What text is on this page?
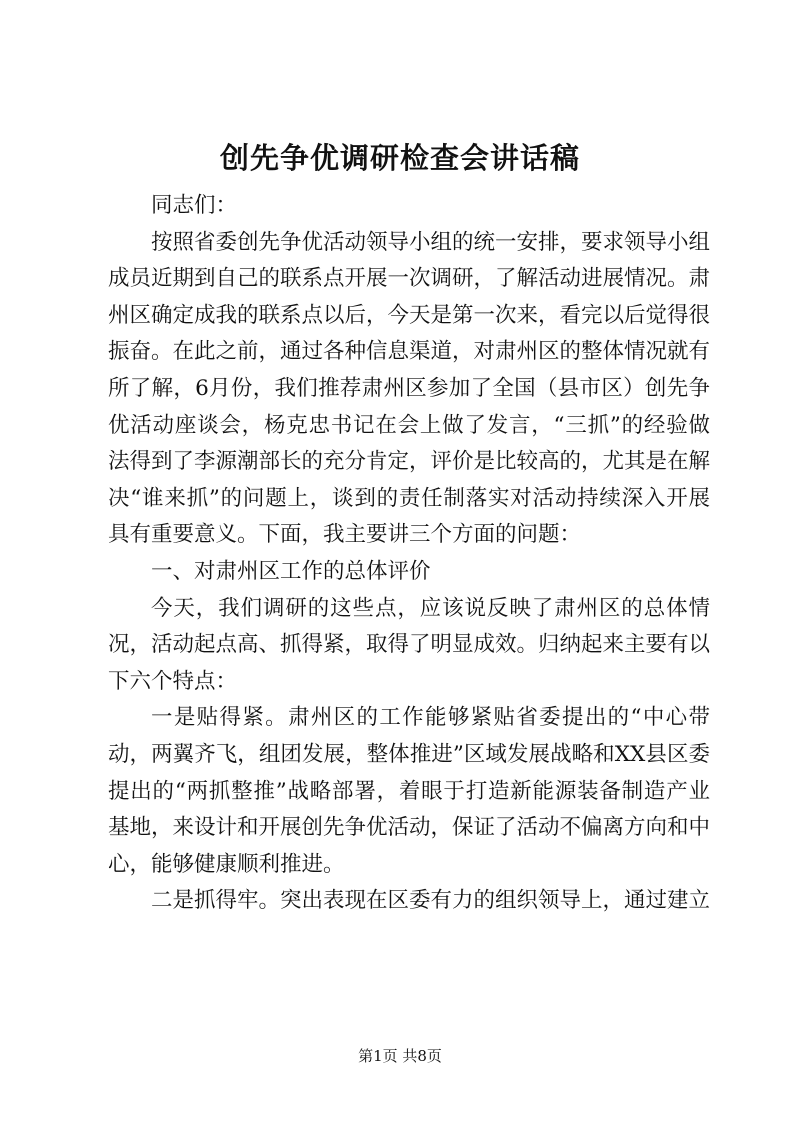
创先争优调研检查会讲话稿

同志们：

按照省委创先争优活动领导小组的统一安排，要求领导小组成员近期到自己的联系点开展一次调研，了解活动进展情况。肃州区确定成我的联系点以后，今天是第一次来，看完以后觉得很振奋。在此之前，通过各种信息渠道，对肃州区的整体情况就有所了解，6月份，我们推荐肃州区参加了全国（县市区）创先争优活动座谈会，杨克忠书记在会上做了发言，“三抓”的经验做法得到了李源潮部长的充分肯定，评价是比较高的，尤其是在解决“谁来抓”的问题上，谈到的责任制落实对活动持续深入开展具有重要意义。下面，我主要讲三个方面的问题：

一、对肃州区工作的总体评价

今天，我们调研的这些点，应该说反映了肃州区的总体情况，活动起点高、抓得紧，取得了明显成效。归纳起来主要有以下六个特点：

一是贴得紧。肃州区的工作能够紧贴省委提出的“中心带动，两翼齐飞，组团发展，整体推进”区域发展战略和XX县区委提出的“两抓整推”战略部署，着眼于打造新能源装备制造产业基地，来设计和开展创先争优活动，保证了活动不偏离方向和中心，能够健康顺利推进。

二是抓得牢。突出表现在区委有力的组织领导上，通过建立

第1页 共8页
